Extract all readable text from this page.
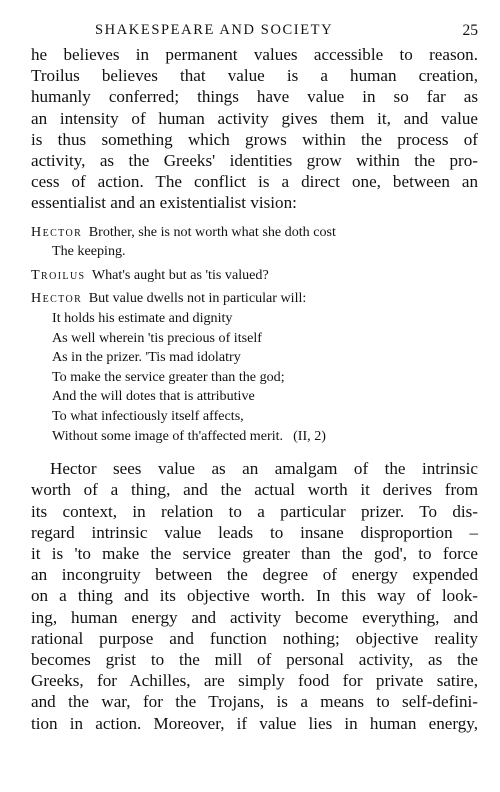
SHAKESPEARE AND SOCIETY	25
he believes in permanent values accessible to reason.
Troilus believes that value is a human creation,
humanly conferred; things have value in so far as
an intensity of human activity gives them it, and value
is thus something which grows within the process of
activity, as the Greeks' identities grow within the pro-
cess of action. The conflict is a direct one, between an
essentialist and an existentialist vision:
Hector Brother, she is not worth what she doth cost
The keeping.
Troilus What's aught but as 'tis valued?
Hector But value dwells not in particular will:
It holds his estimate and dignity
As well wherein 'tis precious of itself
As in the prizer. 'Tis mad idolatry
To make the service greater than the god;
And the will dotes that is attributive
To what infectiously itself affects,
Without some image of th'affected merit. (II, 2)
Hector sees value as an amalgam of the intrinsic
worth of a thing, and the actual worth it derives from
its context, in relation to a particular prizer. To dis-
regard intrinsic value leads to insane disproportion –
it is 'to make the service greater than the god', to force
an incongruity between the degree of energy expended
on a thing and its objective worth. In this way of look-
ing, human energy and activity become everything, and
rational purpose and function nothing; objective reality
becomes grist to the mill of personal activity, as the
Greeks, for Achilles, are simply food for private satire,
and the war, for the Trojans, is a means to self-defini-
tion in action. Moreover, if value lies in human energy,
